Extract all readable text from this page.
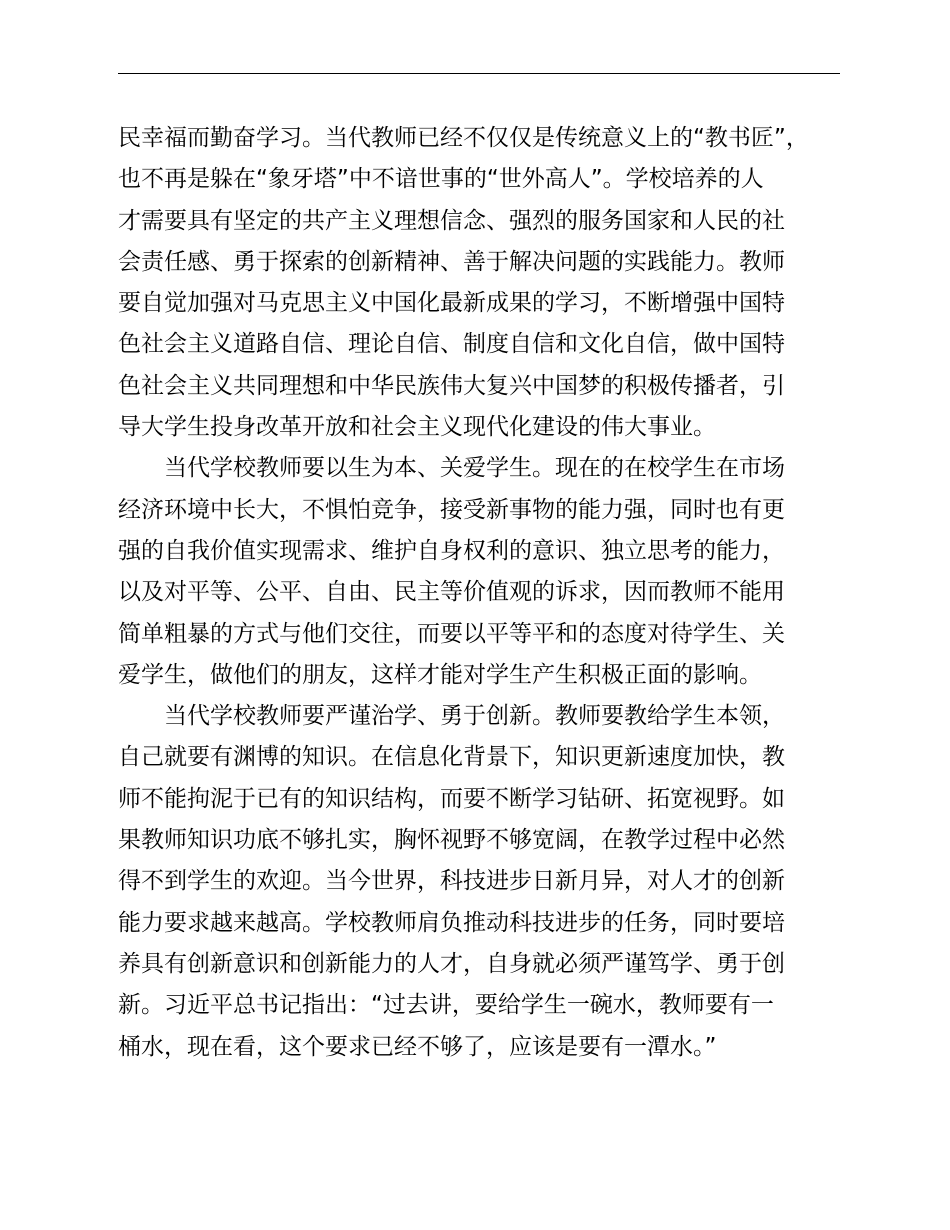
民幸福而勤奋学习。当代教师已经不仅仅是传统意义上的“教书匠”，
也不再是躲在“象牙塔”中不谙世事的“世外高人”。学校培养的人
才需要具有坚定的共产主义理想信念、强烈的服务国家和人民的社
会责任感、勇于探索的创新精神、善于解决问题的实践能力。教师
要自觉加强对马克思主义中国化最新成果的学习，不断增强中国特
色社会主义道路自信、理论自信、制度自信和文化自信，做中国特
色社会主义共同理想和中华民族伟大复兴中国梦的积极传播者，引
导大学生投身改革开放和社会主义现代化建设的伟大事业。
当代学校教师要以生为本、关爱学生。现在的在校学生在市场
经济环境中长大，不惧怕竞争，接受新事物的能力强，同时也有更
强的自我价值实现需求、维护自身权利的意识、独立思考的能力，
以及对平等、公平、自由、民主等价值观的诉求，因而教师不能用
简单粗暴的方式与他们交往，而要以平等平和的态度对待学生、关
爱学生，做他们的朋友，这样才能对学生产生积极正面的影响。
当代学校教师要严谨治学、勇于创新。教师要教给学生本领，
自己就要有渊博的知识。在信息化背景下，知识更新速度加快，教
师不能拘泥于已有的知识结构，而要不断学习钻研、拓宽视野。如
果教师知识功底不够扎实，胸怀视野不够宽阔，在教学过程中必然
得不到学生的欢迎。当今世界，科技进步日新月异，对人才的创新
能力要求越来越高。学校教师肩负推动科技进步的任务，同时要培
养具有创新意识和创新能力的人才，自身就必须严谨笃学、勇于创
新。习近平总书记指出：“过去讲，要给学生一碗水，教师要有一
桶水，现在看，这个要求已经不够了，应该是要有一潭水。”
